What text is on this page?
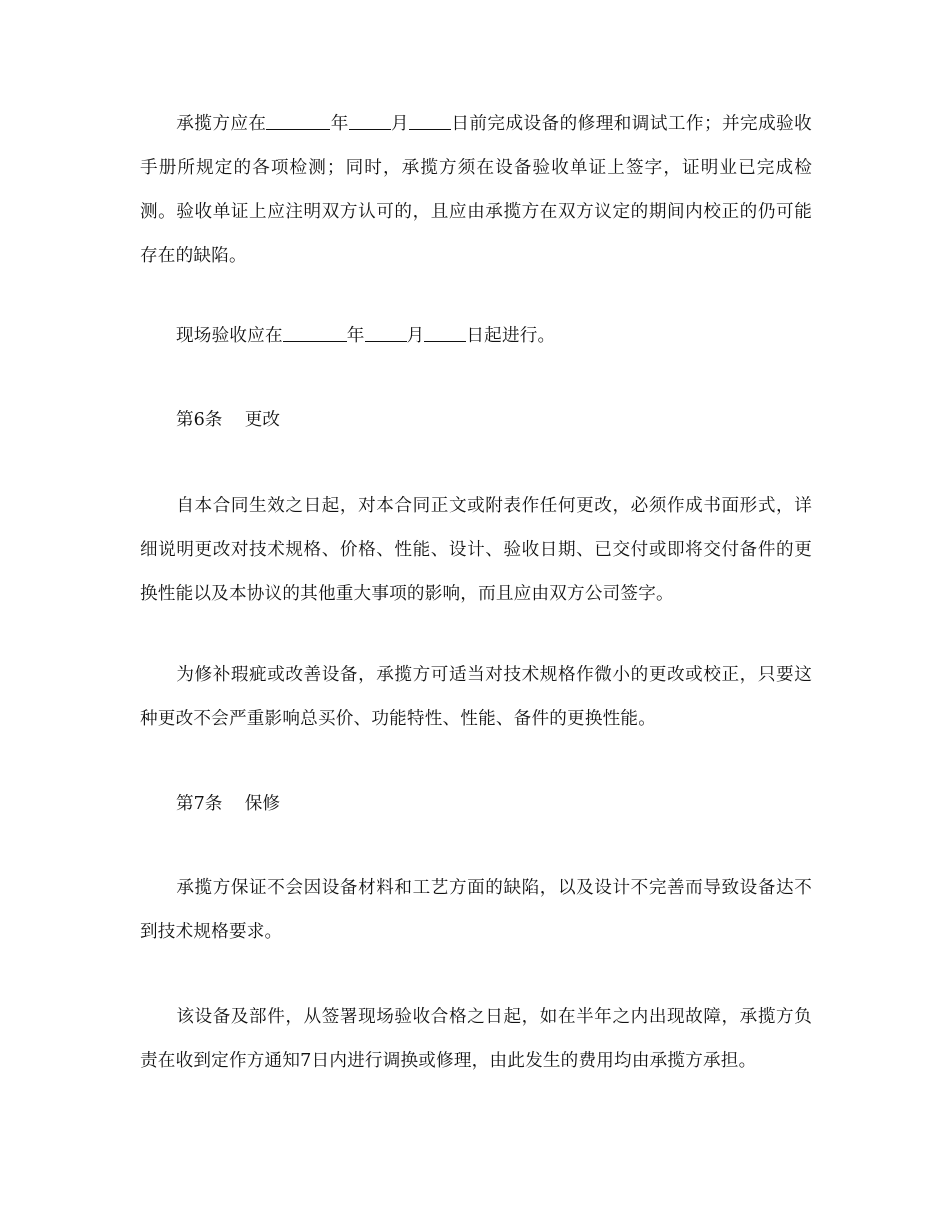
承揽方应在	年 月 日前完成设备的修理和调试工作；并完成验收手册所规定的各项检测；同时，承揽方须在设备验收单证上签字，证明业已完成检测。验收单证上应注明双方认可的，且应由承揽方在双方议定的期间内校正的仍可能存在的缺陷。

现场验收应在	年 月 日起进行。

第6条 更改

自本合同生效之日起，对本合同正文或附表作任何更改，必须作成书面形式，详细说明更改对技术规格、价格、性能、设计、验收日期、已交付或即将交付备件的更换性能以及本协议的其他重大事项的影响，而且应由双方公司签字。

为修补瑕疵或改善设备，承揽方可适当对技术规格作微小的更改或校正，只要这种更改不会严重影响总买价、功能特性、性能、备件的更换性能。

第7条 保修

承揽方保证不会因设备材料和工艺方面的缺陷，以及设计不完善而导致设备达不到技术规格要求。

该设备及部件，从签署现场验收合格之日起，如在半年之内出现故障，承揽方负责在收到定作方通知7日内进行调换或修理，由此发生的费用均由承揽方承担。
